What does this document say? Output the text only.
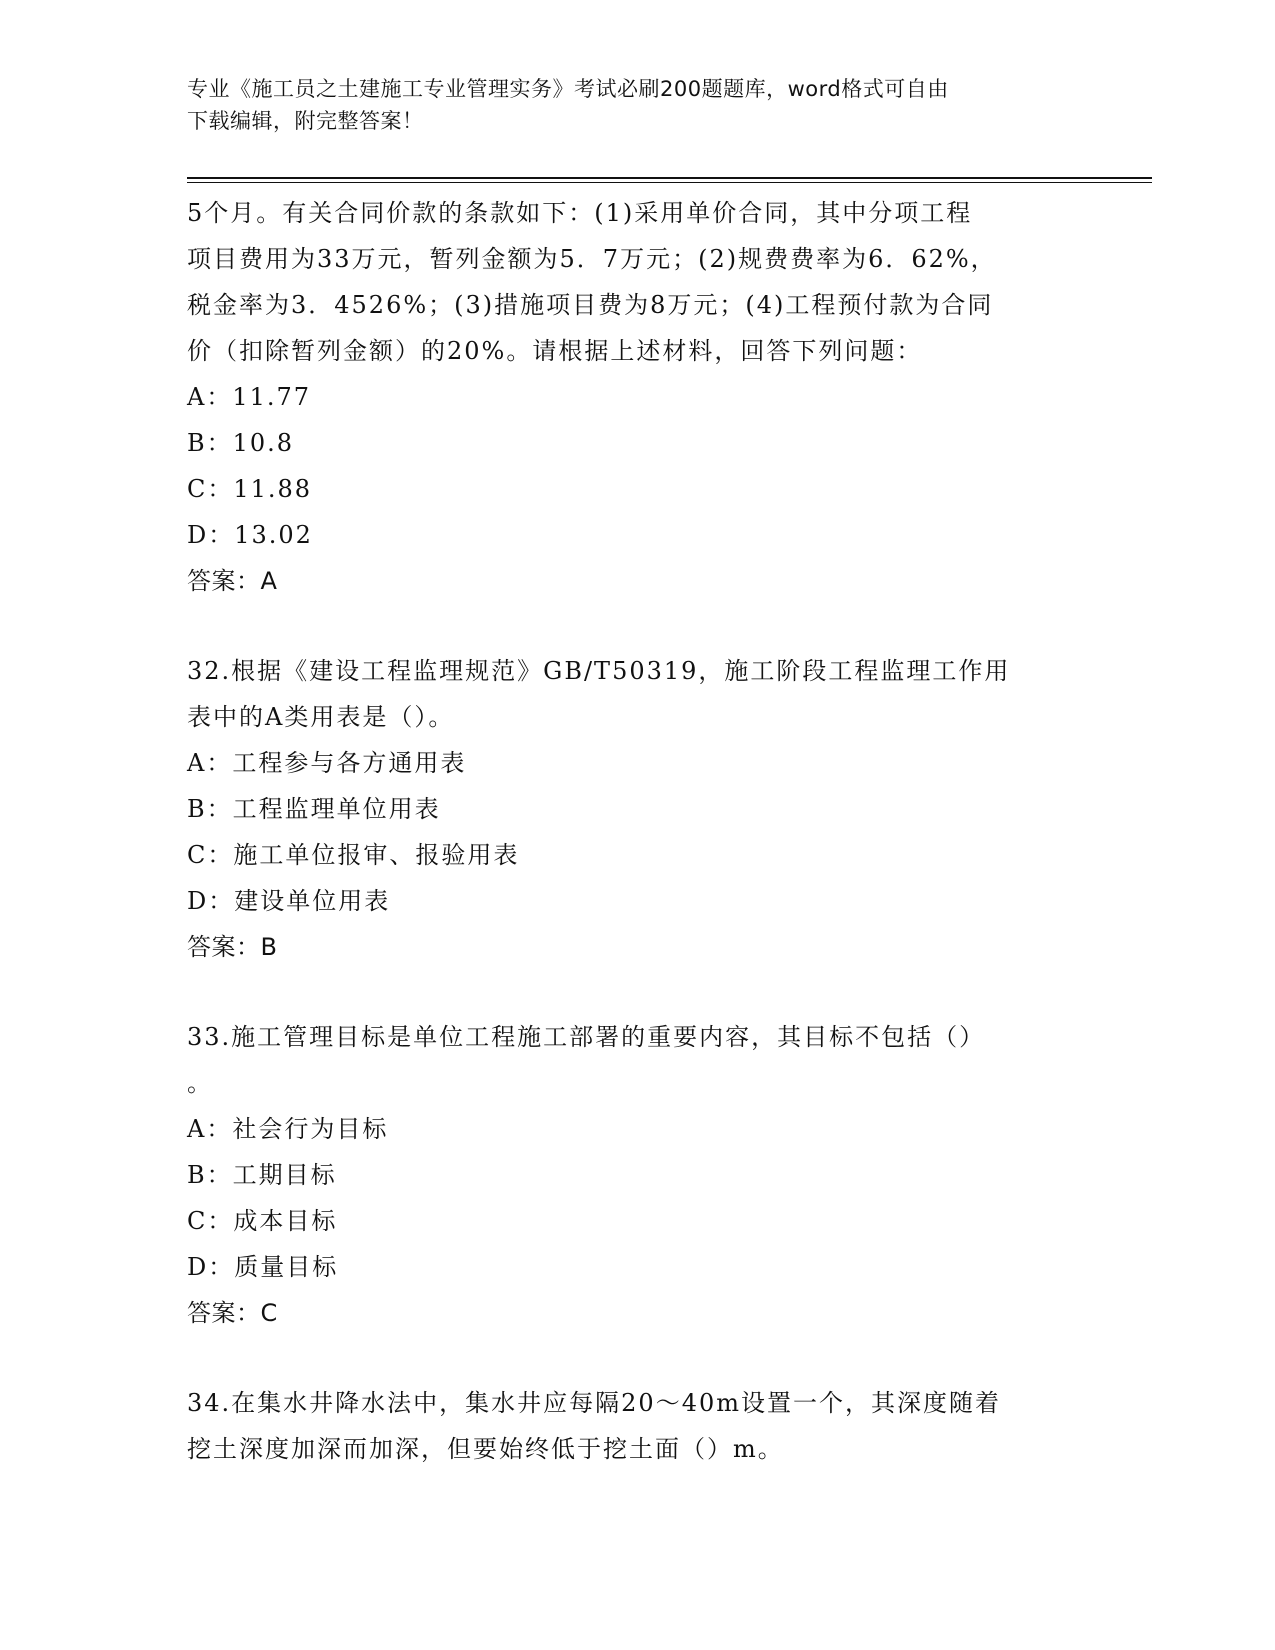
专业《施工员之土建施工专业管理实务》考试必刷200题题库，word格式可自由
下载编辑，附完整答案！
5个月。有关合同价款的条款如下：(1)采用单价合同，其中分项工程
项目费用为33万元，暂列金额为5．7万元；(2)规费费率为6．62%，
税金率为3．4526%；(3)措施项目费为8万元；(4)工程预付款为合同
价（扣除暂列金额）的20%。请根据上述材料，回答下列问题：
A：11.77
B：10.8
C：11.88
D：13.02
答案：A
32.根据《建设工程监理规范》GB/T50319，施工阶段工程监理工作用
表中的A类用表是（）。
A：工程参与各方通用表
B：工程监理单位用表
C：施工单位报审、报验用表
D：建设单位用表
答案：B
33.施工管理目标是单位工程施工部署的重要内容，其目标不包括（）
。
A：社会行为目标
B：工期目标
C：成本目标
D：质量目标
答案：C
34.在集水井降水法中，集水井应每隔20～40m设置一个，其深度随着
挖土深度加深而加深，但要始终低于挖土面（）m。
